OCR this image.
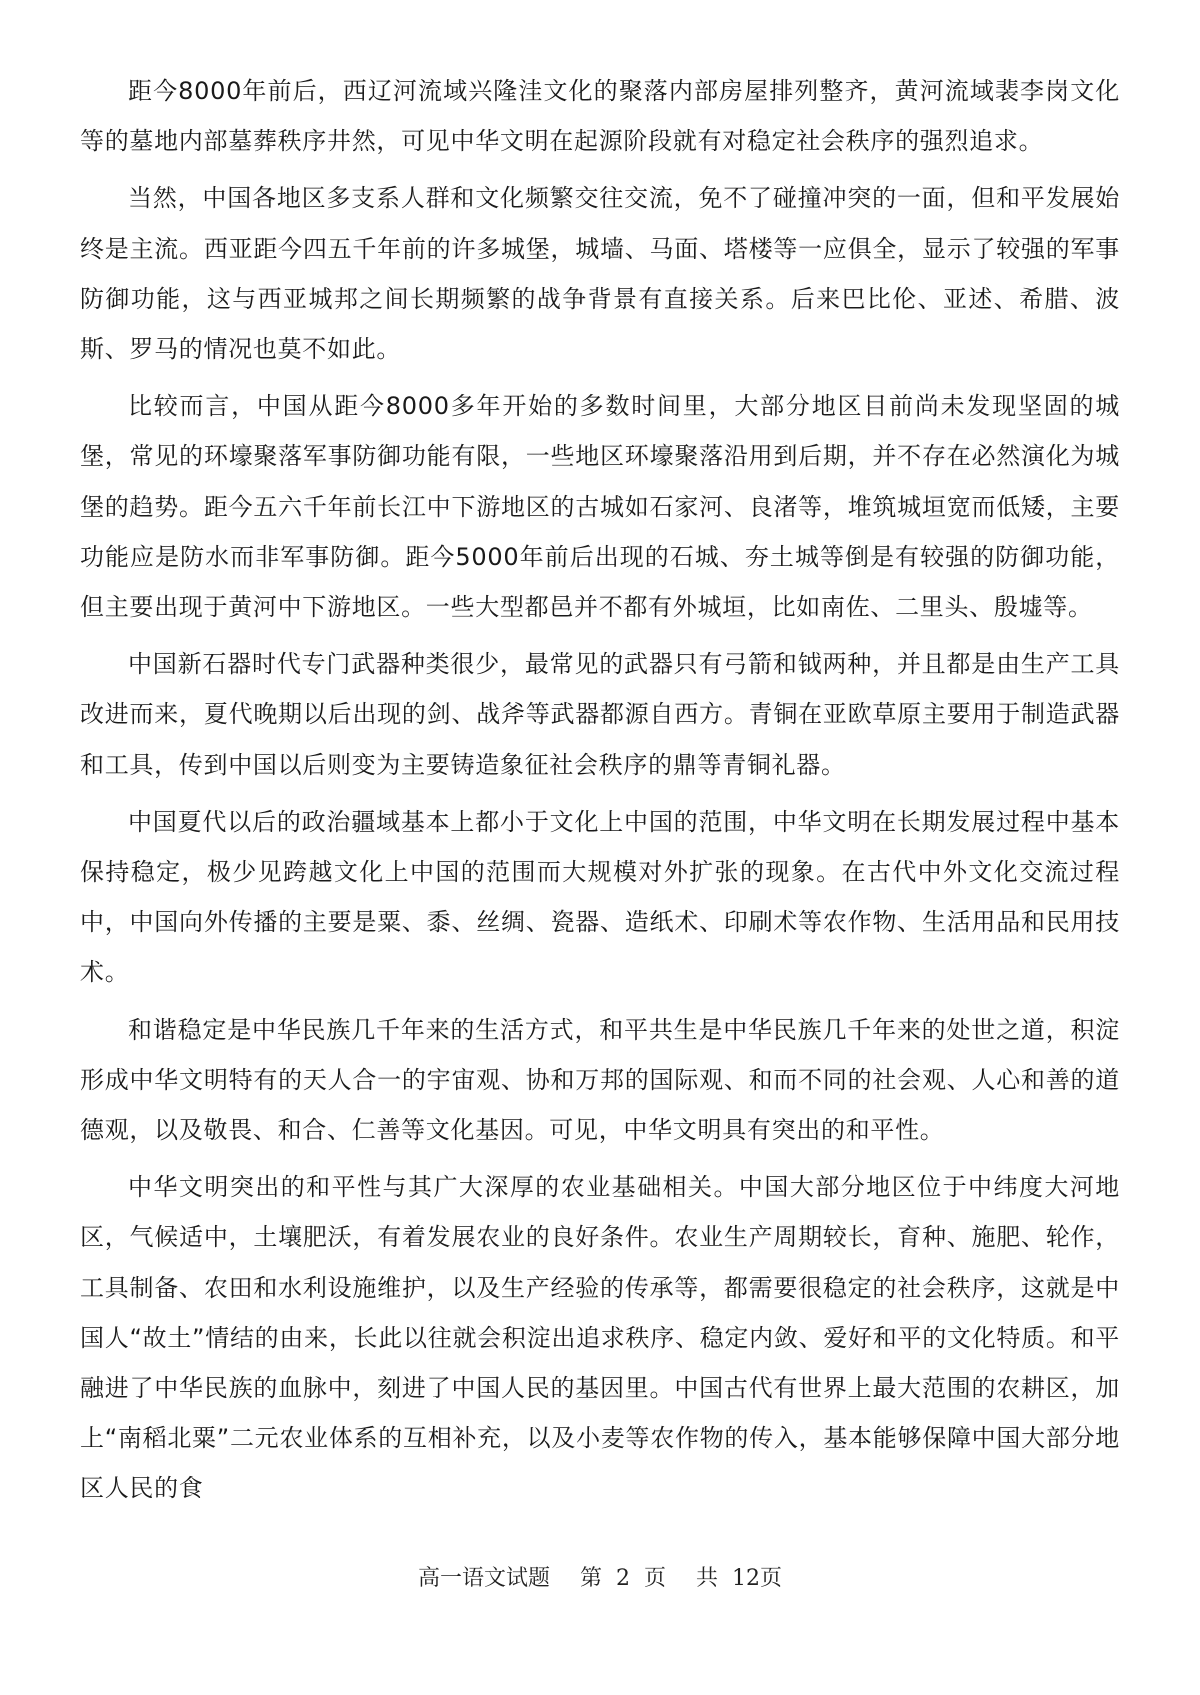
距今8000年前后，西辽河流域兴隆洼文化的聚落内部房屋排列整齐，黄河流域裴李岗文化等的墓地内部墓葬秩序井然，可见中华文明在起源阶段就有对稳定社会秩序的强烈追求。

当然，中国各地区多支系人群和文化频繁交往交流，免不了碰撞冲突的一面，但和平发展始终是主流。西亚距今四五千年前的许多城堡，城墙、马面、塔楼等一应俱全，显示了较强的军事防御功能，这与西亚城邦之间长期频繁的战争背景有直接关系。后来巴比伦、亚述、希腊、波斯、罗马的情况也莫不如此。

比较而言，中国从距今8000多年开始的多数时间里，大部分地区目前尚未发现坚固的城堡，常见的环壕聚落军事防御功能有限，一些地区环壕聚落沿用到后期，并不存在必然演化为城堡的趋势。距今五六千年前长江中下游地区的古城如石家河、良渚等，堆筑城垣宽而低矮，主要功能应是防水而非军事防御。距今5000年前后出现的石城、夯土城等倒是有较强的防御功能，但主要出现于黄河中下游地区。一些大型都邑并不都有外城垣，比如南佐、二里头、殷墟等。

中国新石器时代专门武器种类很少，最常见的武器只有弓箭和钺两种，并且都是由生产工具改进而来，夏代晚期以后出现的剑、战斧等武器都源自西方。青铜在亚欧草原主要用于制造武器和工具，传到中国以后则变为主要铸造象征社会秩序的鼎等青铜礼器。

中国夏代以后的政治疆域基本上都小于文化上中国的范围，中华文明在长期发展过程中基本保持稳定，极少见跨越文化上中国的范围而大规模对外扩张的现象。在古代中外文化交流过程中，中国向外传播的主要是粟、黍、丝绸、瓷器、造纸术、印刷术等农作物、生活用品和民用技术。

和谐稳定是中华民族几千年来的生活方式，和平共生是中华民族几千年来的处世之道，积淀形成中华文明特有的天人合一的宇宙观、协和万邦的国际观、和而不同的社会观、人心和善的道德观，以及敬畏、和合、仁善等文化基因。可见，中华文明具有突出的和平性。

中华文明突出的和平性与其广大深厚的农业基础相关。中国大部分地区位于中纬度大河地区，气候适中，土壤肥沃，有着发展农业的良好条件。农业生产周期较长，育种、施肥、轮作，工具制备、农田和水利设施维护，以及生产经验的传承等，都需要很稳定的社会秩序，这就是中国人“故土”情结的由来，长此以往就会积淀出追求秩序、稳定内敛、爱好和平的文化特质。和平融进了中华民族的血脉中，刻进了中国人民的基因里。中国古代有世界上最大范围的农耕区，加上“南稻北粟”二元农业体系的互相补充，以及小麦等农作物的传入，基本能够保障中国大部分地区人民的食

高一语文试题 第 2 页 共 12页
